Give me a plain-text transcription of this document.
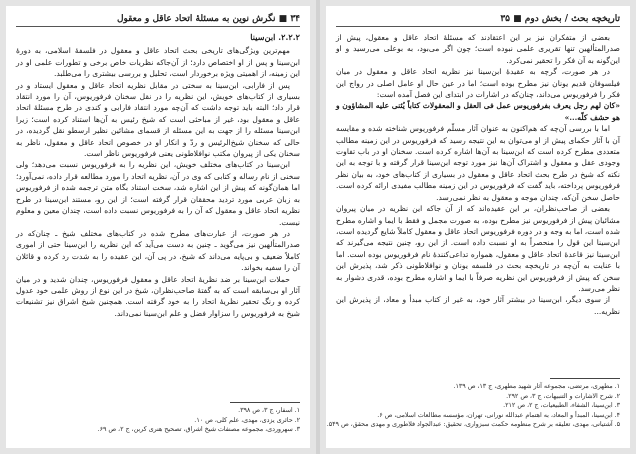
۳۴ ■ نگرش نوین به مسئلهٔ اتحاد عاقل و معقول

۲.۲.۲. ابن‌سینا

مهم‌ترین ویژگی‌های تاریخی بحث اتحاد عاقل و معقول در فلسفهٔ اسلامی، به دورهٔ ابن‌سینا و پس از او اختصاص دارد؛ از آن‌جاکه نظریات خاص برخی و تطورات علمی او در این زمینه، از اهمیتی ویژه برخوردار است، تحلیل و بررسی بیشتری را می‌طلبد.

پس از فارابی، ابن‌سینا به سختی در مقابل نظریه اتحاد عاقل و معقول ایستاد و در بسیاری از کتاب‌های خویش، این نظریه را در نقل سخنان فرفوریوس، آن را مورد انتقاد قرار داد؛ البته باید توجه داشت که آن‌چه مورد انتقاد فارابی و کندی در طرح مسئلهٔ اتحاد عاقل و معقول بود، غیر از مباحثی است که شیخ رئیس به آن‌ها استناد کرده است؛ زیرا ابن‌سینا مسئله را از جهت به این مسئله از قسمای مشائین نظیر ارسطو نقل گردیده، در حالی که سخنان شیخ‌الرئیس و ردّ و انکار او در خصوص اتحاد عاقل و معقول، ناظر به سخنان یکی از پیروان مکتب نوافلاطونی یعنی فرفوریوس ناظر است.

ابن‌سینا در کتاب‌های مختلف خویش، این نظریه را به فرفوریوس نسبت می‌دهد؛ ولی سخنی از نام رساله و کتابی که وی در آن، نظریه اتحاد را مورد مطالعه قرار داده، نمی‌آورد؛ اما همان‌گونه که پیش از این اشاره شد، سخت استناد بگاه متن ترجمه شده از فرفوریوس به زبان عربی مورد تردید محققان قرار گرفته است؛ از این رو، مستند ابن‌سینا در طرح نظریه اتحاد عاقل و معقول که آن را به فرفوریوس نسبت داده است، چندان معین و معلوم نیست.

در هر صورت، از عبارت‌های مطرح شده در کتاب‌های مختلف شیخ ـ چنان‌که در صدرالمتألهین نیز می‌گوید ـ چنین به دست می‌آید که این نظریه را ابن‌سینا حتی از اموری کاملاً ضعیف و بی‌پایه می‌داند که شیخ، در پی آن، این عقیده را به شدت رد کرده و قائلان آن را سفیه بخواند.

حملات ابن‌سینا بر ضد نظریهٔ اتحاد عاقل و معقول فرفوریوس، چندان شدید و در میان آثار او بی‌سابقه است که به گفتهٔ صاحب‌نظران، شیخ در این نوع از روش علمی خود عدول کرده و رنگ تحقیر نظریهٔ اتحاد را به خود گرفته است. همچنین شیخ اشراق نیز تشنیعات شیخ به فرفوریوس را سزاوار فضل و علم ابن‌سینا نمی‌داند.

۱. اسفار، ج ۳، ص ۳۹۸.
۲. حائری یزدی، مهدی، علم کلی، ص ۱۰.
۳. سهروردی، مجموعه مصنفات شیخ اشراق، تصحیح هنری کربن، ج ۲، ص ۶۹.
تاریخچه بحث / بخش دوم ■ ۳۵

بعضی از متفکران نیز بر این اعتقادند که مسئلهٔ اتحاد عاقل و معقول، پیش از صدرالمتألهین تنها تقریری علمی نبوده است؛ چون اگر می‌بود، به بوعلی می‌رسید و او این‌گونه به آن فکر را تحقیر نمی‌کرد.

در هر صورت، گرچه به عقیدهٔ ابن‌سینا نیز نظریه اتحاد عاقل و معقول در میان فیلسوفان قدیم یونان نیز مطرح بوده است؛ اما در عین حال او عامل اصلی در رواج این فکر را فرفوریوس می‌داند، چنان‌که در اشارات در ابتدای این فصل آمده است:

«کان لهم رجل یعرف بفرفوریوس عمل فی العقل و المعقولات کتاباً یُثنی علیه المشاؤون و هو حشف کلّه...»

اما با بررسی آن‌چه که هم‌اکنون به عنوان آثار مسلّم فرفوریوس شناخته شده و مقایسه آن با آثار حکمای پیش از او می‌توان به این نتیجه رسید که فرفوریوس در این زمینه مطالب متعددی مطرح کرده است که ابن‌سینا به آن‌ها اشاره کرده است. سخنان او در باب تفاوت وجودی عقل و معقول و اشتراک آن‌ها نیز مورد توجه ابن‌سینا قرار گرفته و با توجه به این نکته که شیخ در طرح بحث اتحاد عاقل و معقول در بسیاری از کتاب‌های خود، به بیان نظر فرفوریوس پرداخته، باید گفت که فرفوریوس در این زمینه مطالب مفیدی ارائه کرده است. حاصل سخن آن‌که، چندان موجه و معقول به نظر نمی‌رسد.

بعضی از صاحب‌نظران، بر این عقیده‌اند که از آن جاکه این نظریه در میان پیروان مشائیان پیش از فرفوریوس نیز مطرح بوده، به صورت مجمل و فقط با ایما و اشاره مطرح شده است، اما به وجه و در دوره فرفوریوس اتحاد عاقل و معقول کاملاً شایع گردیده است، ابن‌سینا این قول را منحصراً به او نسبت داده است. از این رو، چنین نتیجه می‌گیرند که ابن‌سینا نیز قاعدهٔ اتحاد عاقل و معقول، همواره تداعی‌کنندهٔ نام فرفوریوس بوده است. اما با عنایت به آن‌چه در تاریخچه بحث در فلسفه یونان و نوافلاطونی ذکر شد، پذیرش این سخن که پیش از فرفوریوس این نظریه صرفاً با ایما و اشاره مطرح بوده، قدری دشوار به نظر می‌رسد.

از سوی دیگر، ابن‌سینا در بیشتر آثار خود، به غیر از کتاب مبدأ و معاد، از پذیرش این نظریه...

۱. مطهری، مرتضی، مجموعه آثار شهید مطهری، ج ۱۳، ص ۱۳۹.
۲. شرح الاشارات و التنبیهات، ج ۳، ص ۲۹۲.
۳. ابن‌سینا، الشفاء، الطبیعیات، ج ۲، ص ۲۱۲.
۴. ابن‌سینا، المبدأ و المعاد، به اهتمام عبدالله نورانی، تهران، مؤسسه مطالعات اسلامی، ص ۶.
۵. آشتیانی، مهدی، تعلیقه بر شرح منظومه حکمت سبزواری، تحقیق: عبدالجواد فلاطوری و مهدی محقق، ص ۵۴۹.
